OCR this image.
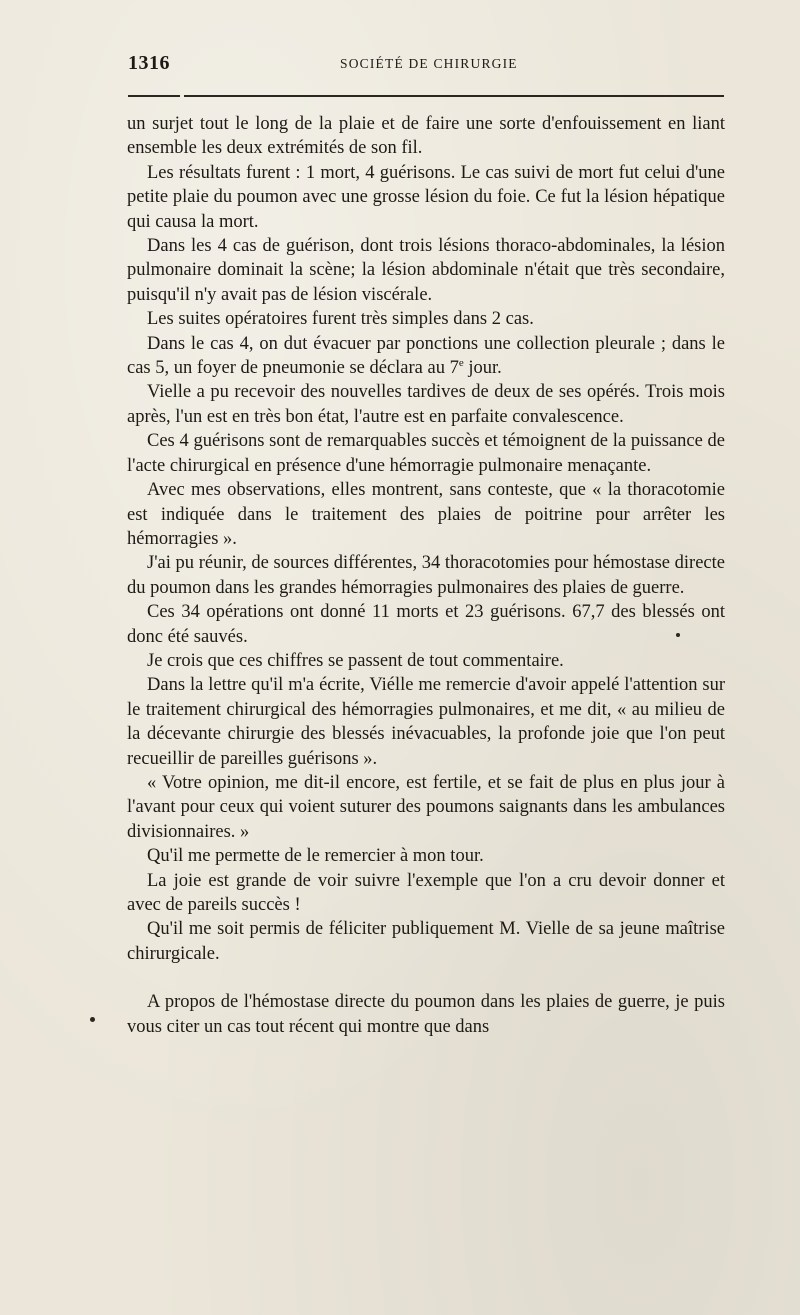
1316	SOCIÉTÉ DE CHIRURGIE

un surjet tout le long de la plaie et de faire une sorte d'enfouissement en liant ensemble les deux extrémités de son fil.

Les résultats furent : 1 mort, 4 guérisons. Le cas suivi de mort fut celui d'une petite plaie du poumon avec une grosse lésion du foie. Ce fut la lésion hépatique qui causa la mort.

Dans les 4 cas de guérison, dont trois lésions thoraco-abdominales, la lésion pulmonaire dominait la scène; la lésion abdominale n'était que très secondaire, puisqu'il n'y avait pas de lésion viscérale.

Les suites opératoires furent très simples dans 2 cas.

Dans le cas 4, on dut évacuer par ponctions une collection pleurale ; dans le cas 5, un foyer de pneumonie se déclara au 7e jour.

Vielle a pu recevoir des nouvelles tardives de deux de ses opérés. Trois mois après, l'un est en très bon état, l'autre est en parfaite convalescence.

Ces 4 guérisons sont de remarquables succès et témoignent de la puissance de l'acte chirurgical en présence d'une hémorragie pulmonaire menaçante.

Avec mes observations, elles montrent, sans conteste, que « la thoracotomie est indiquée dans le traitement des plaies de poitrine pour arrêter les hémorragies ».

J'ai pu réunir, de sources différentes, 34 thoracotomies pour hémostase directe du poumon dans les grandes hémorragies pulmonaires des plaies de guerre.

Ces 34 opérations ont donné 11 morts et 23 guérisons. 67,7 des blessés ont donc été sauvés.

Je crois que ces chiffres se passent de tout commentaire.

Dans la lettre qu'il m'a écrite, Viélle me remercie d'avoir appelé l'attention sur le traitement chirurgical des hémorragies pulmonaires, et me dit, « au milieu de la décevante chirurgie des blessés inévacuables, la profonde joie que l'on peut recueillir de pareilles guérisons ».

« Votre opinion, me dit-il encore, est fertile, et se fait de plus en plus jour à l'avant pour ceux qui voient suturer des poumons saignants dans les ambulances divisionnaires. »

Qu'il me permette de le remercier à mon tour.

La joie est grande de voir suivre l'exemple que l'on a cru devoir donner et avec de pareils succès !

Qu'il me soit permis de féliciter publiquement M. Vielle de sa jeune maîtrise chirurgicale.

A propos de l'hémostase directe du poumon dans les plaies de guerre, je puis vous citer un cas tout récent qui montre que dans
